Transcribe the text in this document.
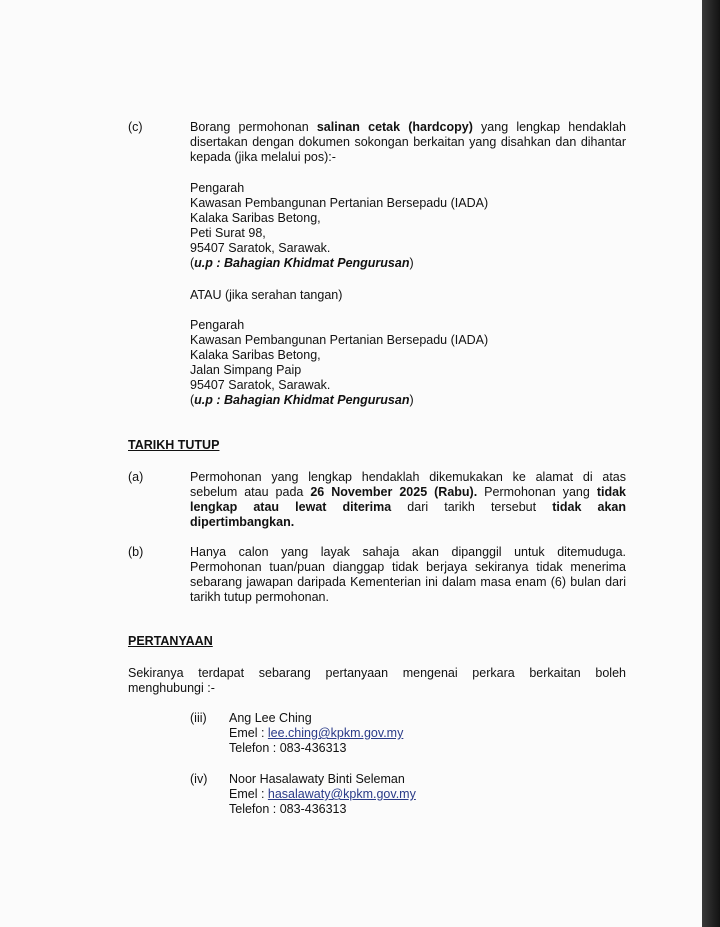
(c)	Borang permohonan salinan cetak (hardcopy) yang lengkap hendaklah disertakan dengan dokumen sokongan berkaitan yang disahkan dan dihantar kepada (jika melalui pos):-
Pengarah
Kawasan Pembangunan Pertanian Bersepadu (IADA)
Kalaka Saribas Betong,
Peti Surat 98,
95407 Saratok, Sarawak.
(u.p : Bahagian Khidmat Pengurusan)
ATAU (jika serahan tangan)
Pengarah
Kawasan Pembangunan Pertanian Bersepadu (IADA)
Kalaka Saribas Betong,
Jalan Simpang Paip
95407 Saratok, Sarawak.
(u.p : Bahagian Khidmat Pengurusan)
TARIKH TUTUP
(a)	Permohonan yang lengkap hendaklah dikemukakan ke alamat di atas sebelum atau pada 26 November 2025 (Rabu). Permohonan yang tidak lengkap atau lewat diterima dari tarikh tersebut tidak akan dipertimbangkan.
(b)	Hanya calon yang layak sahaja akan dipanggil untuk ditemuduga. Permohonan tuan/puan dianggap tidak berjaya sekiranya tidak menerima sebarang jawapan daripada Kementerian ini dalam masa enam (6) bulan dari tarikh tutup permohonan.
PERTANYAAN
Sekiranya terdapat sebarang pertanyaan mengenai perkara berkaitan boleh menghubungi :-
(iii) Ang Lee Ching
Emel : lee.ching@kpkm.gov.my
Telefon : 083-436313
(iv) Noor Hasalawaty Binti Seleman
Emel : hasalawaty@kpkm.gov.my
Telefon : 083-436313
